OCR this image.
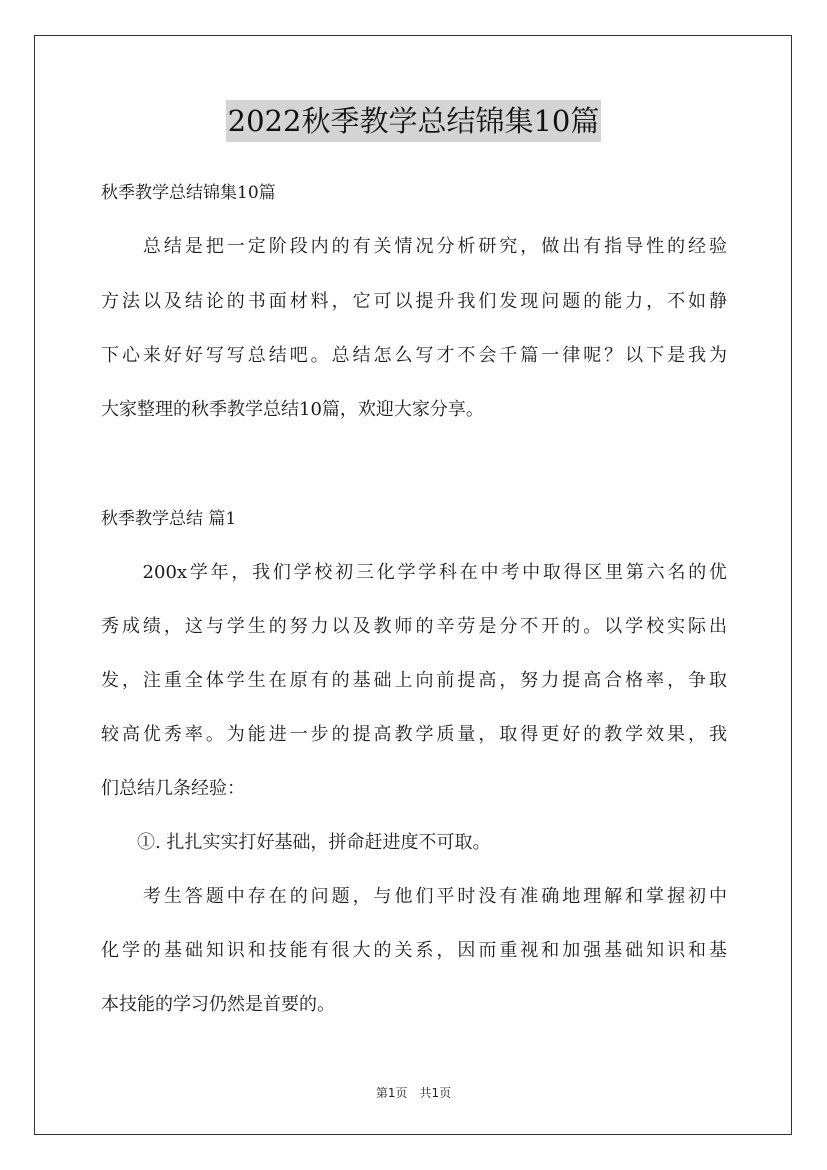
2022秋季教学总结锦集10篇
秋季教学总结锦集10篇
　　总结是把一定阶段内的有关情况分析研究，做出有指导性的经验
方法以及结论的书面材料，它可以提升我们发现问题的能力，不如静
下心来好好写写总结吧。总结怎么写才不会千篇一律呢？以下是我为
大家整理的秋季教学总结10篇，欢迎大家分享。
秋季教学总结 篇1
　　200x学年，我们学校初三化学学科在中考中取得区里第六名的优
秀成绩，这与学生的努力以及教师的辛劳是分不开的。以学校实际出
发，注重全体学生在原有的基础上向前提高，努力提高合格率，争取
较高优秀率。为能进一步的提高教学质量，取得更好的教学效果，我
们总结几条经验：
　　①. 扎扎实实打好基础，拼命赶进度不可取。
　　考生答题中存在的问题，与他们平时没有准确地理解和掌握初中
化学的基础知识和技能有很大的关系，因而重视和加强基础知识和基
本技能的学习仍然是首要的。
第1页　共1页
